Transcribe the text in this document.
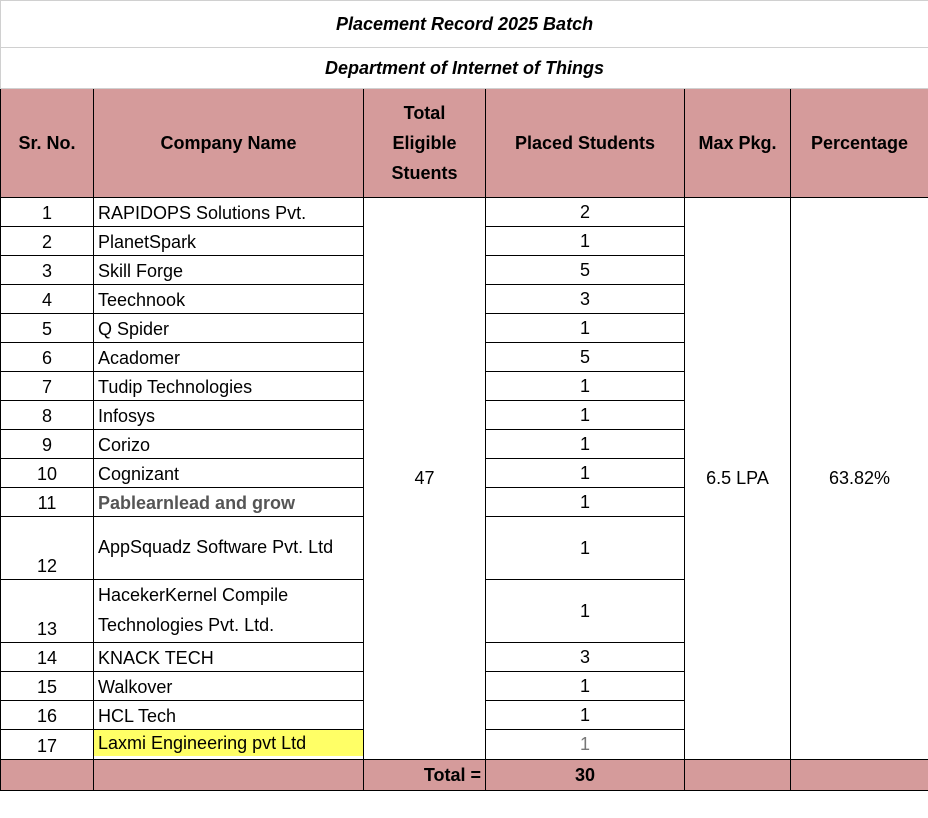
Placement Record 2025 Batch					
Department of Internet of Things					
Sr. No.	Company Name	Total
Eligible
Stuents	Placed Students	Max Pkg.	Percentage
1	RAPIDOPS Solutions Pvt.	47	2	6.5 LPA	63.82%
2	PlanetSpark		1		
3	Skill Forge		5		
4	Teechnook		3		
5	Q Spider		1		
6	Acadomer		5		
7	Tudip Technologies		1		
8	Infosys		1		
9	Corizo		1		
10	Cognizant		1		
11	Pablearnlead and grow		1		
12	AppSquadz Software Pvt. Ltd		1		
13	HacekerKernel Compile
Technologies Pvt. Ltd.		1		
14	KNACK TECH		3		
15	Walkover		1		
16	HCL Tech		1		
17	Laxmi Engineering pvt Ltd		1		
		Total =	30		
